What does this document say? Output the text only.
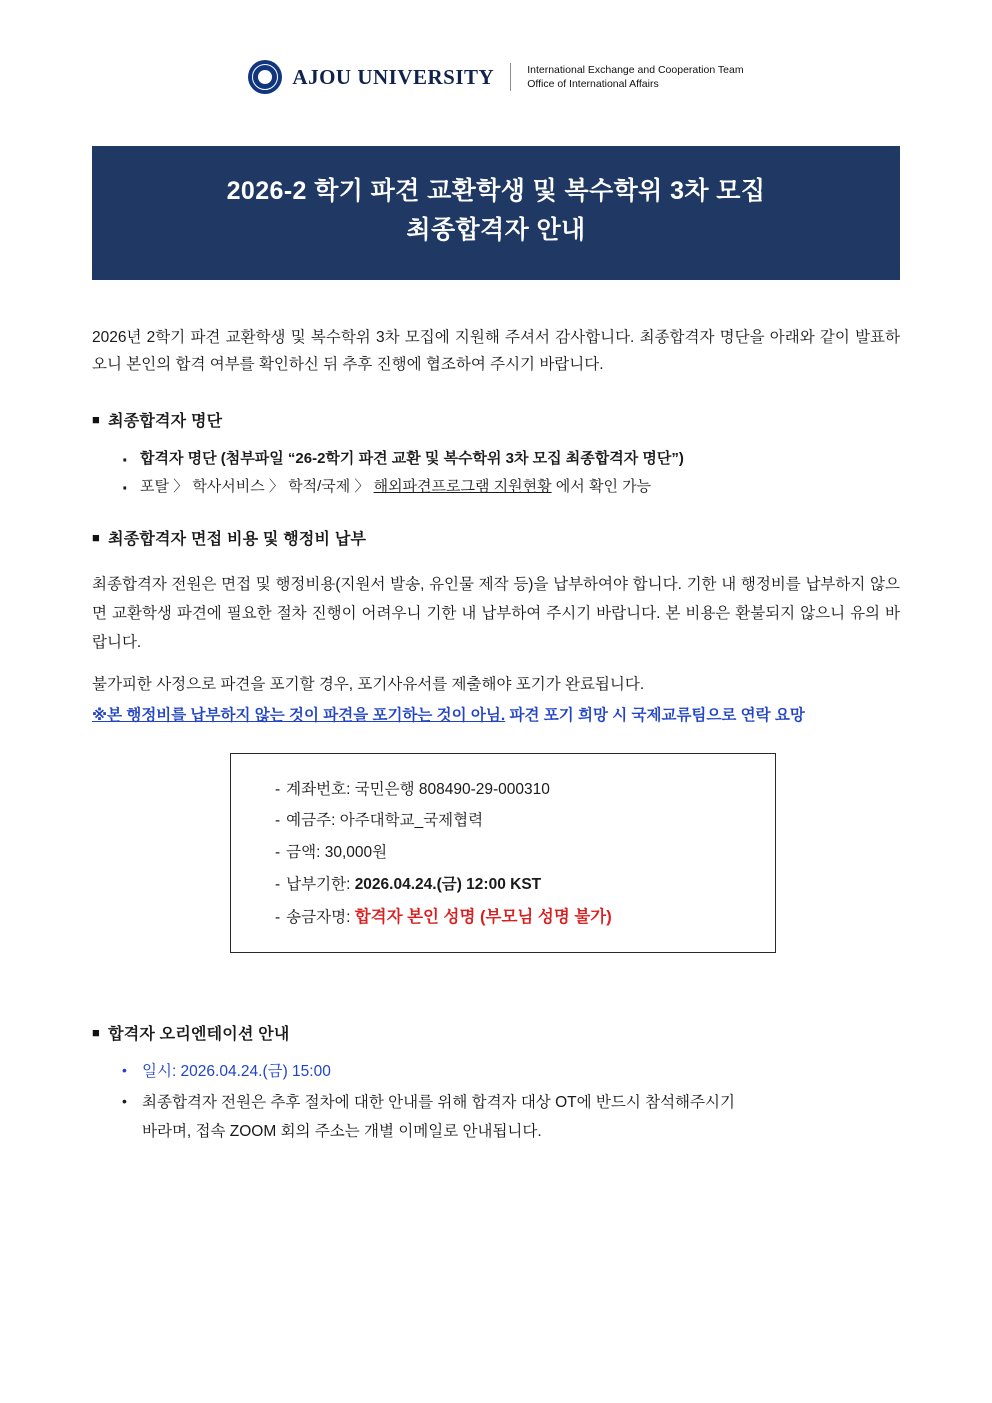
AJOU UNIVERSITY	International Exchange and Cooperation Team
Office of International Affairs
2026-2 학기 파견 교환학생 및 복수학위 3차 모집
최종합격자 안내

2026년 2학기 파견 교환학생 및 복수학위 3차 모집에 지원해 주셔서 감사합니다. 최종합격자 명단을 아래와 같이 발표하오니 본인의 합격 여부를 확인하신 뒤 추후 진행에 협조하여 주시기 바랍니다.

■ 최종합격자 명단
· 합격자 명단 (첨부파일 “26-2학기 파견 교환 및 복수학위 3차 모집 최종합격자 명단”)
· 포탈 〉 학사서비스 〉 학적/국제 〉 해외파견프로그램 지원현황 에서 확인 가능
■ 최종합격자 면접 비용 및 행정비 납부

최종합격자 전원은 면접 및 행정비용(지원서 발송, 유인물 제작 등)을 납부하여야 합니다. 기한 내 행정비를 납부하지 않으면 교환학생 파견에 필요한 절차 진행이 어려우니 기한 내 납부하여 주시기 바랍니다. 본 비용은 환불되지 않으니 유의 바랍니다.

불가피한 사정으로 파견을 포기할 경우, 포기사유서를 제출해야 포기가 완료됩니다.

※본 행정비를 납부하지 않는 것이 파견을 포기하는 것이 아님. 파견 포기 희망 시 국제교류팀으로 연락 요망

- 계좌번호: 국민은행 808490-29-000310
- 예금주: 아주대학교_국제협력
- 금액: 30,000원
- 납부기한: 2026.04.24.(금) 12:00 KST
- 송금자명: 합격자 본인 성명 (부모님 성명 불가)
■ 합격자 오리엔테이션 안내
• 일시: 2026.04.24.(금) 15:00
• 최종합격자 전원은 추후 절차에 대한 안내를 위해 합격자 대상 OT에 반드시 참석해주시기
바라며, 접속 ZOOM 회의 주소는 개별 이메일로 안내됩니다.
